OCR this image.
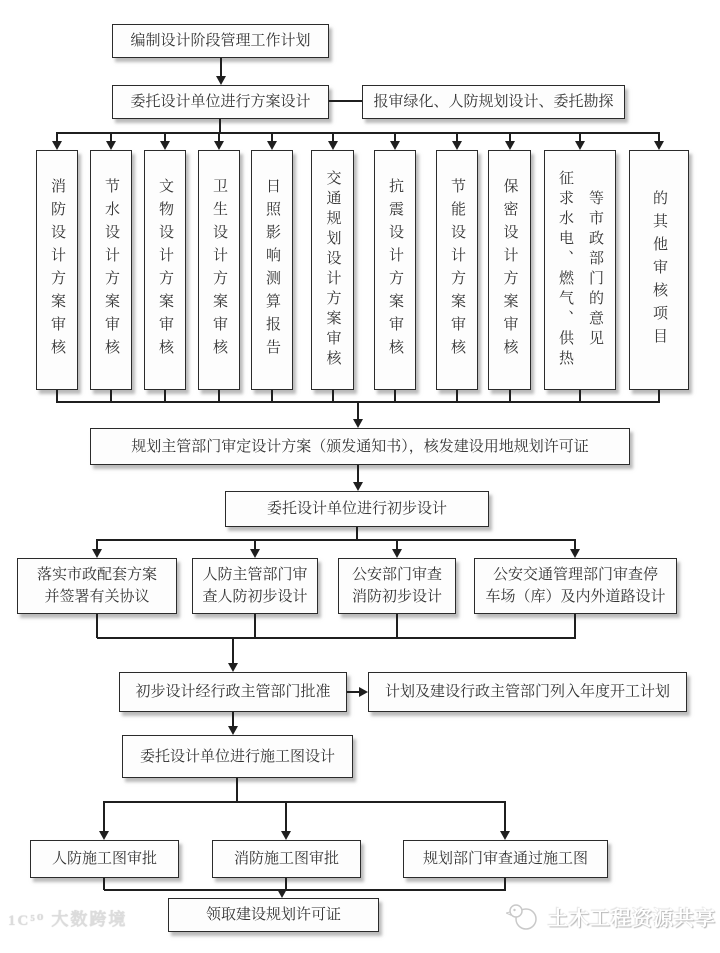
编制设计阶段管理工作计划
委托设计单位进行方案设计	报审绿化、人防规划设计、委托勘探
消防设计方案审核	节水设计方案审核	文物设计方案审核	卫生设计方案审核 日照影响测算报告	交通规划设计方案审核	抗震设计方案审核	节能设计方案审核 保密设计方案审核	征求水电、燃气、供热 等市政部门的意见	的其他审核项目
规划主管部门审定设计方案（颁发通知书），核发建设用地规划许可证
委托设计单位进行初步设计
落实市政配套方案
并签署有关协议
人防主管部门审
查人防初步设计
公安部门审查
消防初步设计
公安交通管理部门审查停
车场（库）及内外道路设计
初步设计经行政主管部门批准	计划及建设行政主管部门列入年度开工计划
委托设计单位进行施工图设计
人防施工图审批	消防施工图审批	规划部门审查通过施工图
领取建设规划许可证
1C⁵⁰ 大数跨境	土木工程资源共享
